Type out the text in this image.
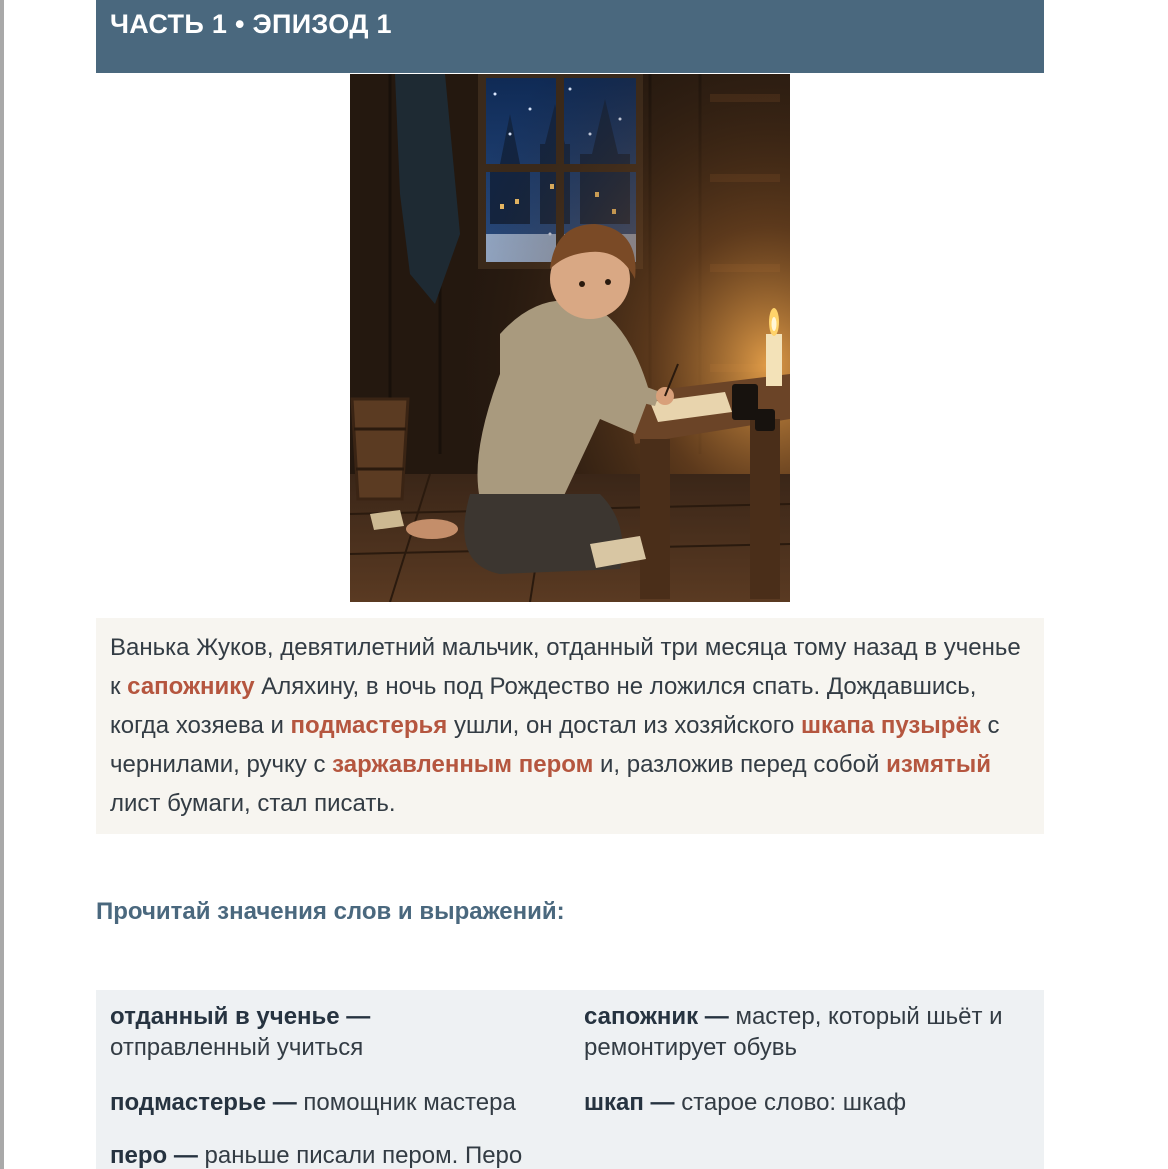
ЧАСТЬ 1 • ЭПИЗОД 1

Ванька Жуков, девятилетний мальчик, отданный три месяца тому назад в ученье к сапожнику Аляхину, в ночь под Рождество не ложился спать. Дождавшись, когда хозяева и подмастерья ушли, он достал из хозяйского шкапа пузырёк с чернилами, ручку с заржавленным пером и, разложив перед собой измятый лист бумаги, стал писать.

Прочитай значения слов и выражений:
отданный в ученье —
отправленный учиться
подмастерье — помощник мастера
перо — раньше писали пером. Перо
сапожник — мастер, который шьёт и ремонтирует обувь
шкап — старое слово: шкаф
